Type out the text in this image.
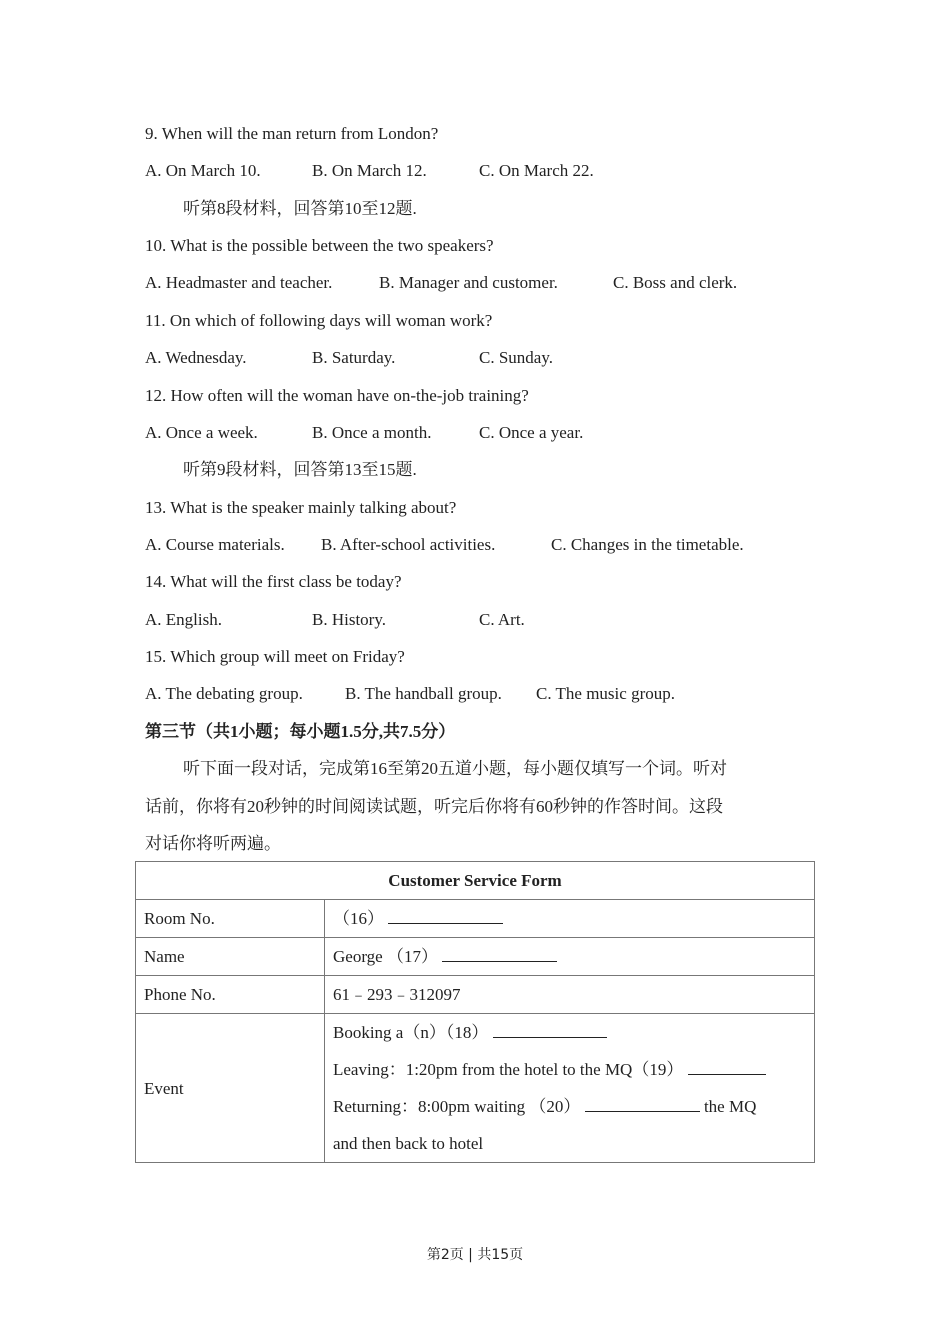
9. When will the man return from London?
A. On March 10.	B. On March 12.	C. On March 22.
听第8段材料，回答第10至12题.
10. What is the possible between the two speakers?
A. Headmaster and teacher.	B. Manager and customer.	C. Boss and clerk.
11. On which of following days will woman work?
A. Wednesday.	B. Saturday.	C. Sunday.
12. How often will the woman have on-the-job training?
A. Once a week.	B. Once a month.	C. Once a year.
听第9段材料，回答第13至15题.
13. What is the speaker mainly talking about?
A. Course materials. B. After-school activities.	C. Changes in the timetable.
14. What will the first class be today?
A. English.	B. History.	C. Art.
15. Which group will meet on Friday?
A. The debating group. B. The handball group. C. The music group.
第三节（共1小题；每小题1.5分,共7.5分）
听下面一段对话，完成第16至第20五道小题，每小题仅填写一个词。听对
话前，你将有20秒钟的时间阅读试题，听完后你将有60秒钟的作答时间。这段
对话你将听两遍。
Customer Service Form	
Room No.	（16）
Name	George （17）
Phone No.	61﹣293﹣312097
Event	Booking a（n）（18）
Leaving：1:20pm from the hotel to the MQ（19）
Returning：8:00pm waiting （20） the MQ
and then back to hotel
第2页 | 共15页
